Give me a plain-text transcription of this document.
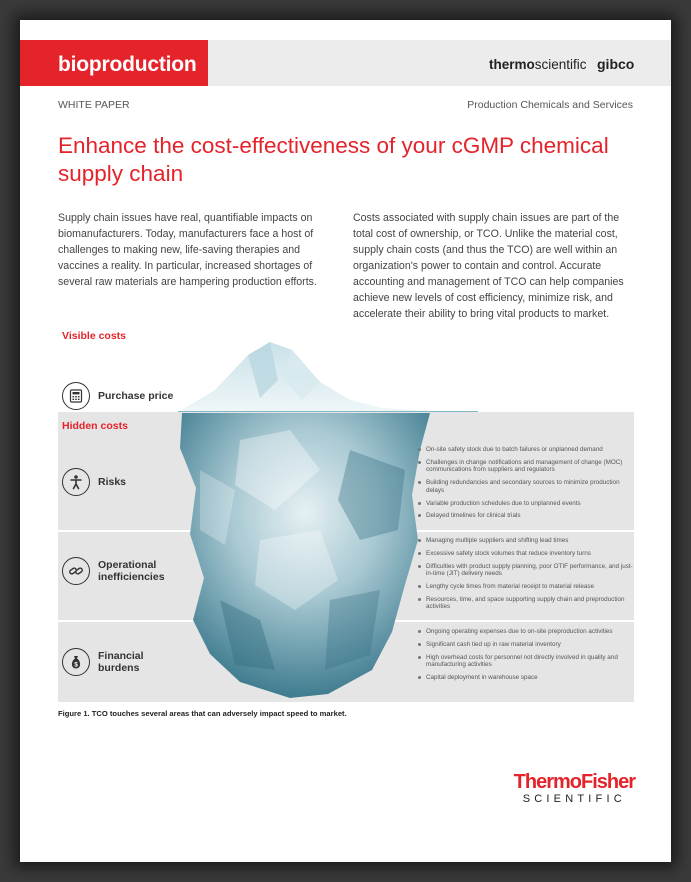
bioproduction	thermoscientific gibco
WHITE PAPER	Production Chemicals and Services
Enhance the cost-effectiveness of your cGMP chemical supply chain

Supply chain issues have real, quantifiable impacts on biomanufacturers. Today, manufacturers face a host of challenges to making new, life-saving therapies and vaccines a reality. In particular, increased shortages of several raw materials are hampering production efforts.

Costs associated with supply chain issues are part of the total cost of ownership, or TCO. Unlike the material cost, supply chain costs (and thus the TCO) are well within an organization's power to contain and control. Accurate accounting and management of TCO can help companies achieve new levels of cost efficiency, minimize risk, and accelerate their ability to bring vital products to market.

Visible costs
Hidden costs
Purchase price
Risks
Operational
inefficiencies
$
Financial
burdens
On-site safety stock due to batch failures or unplanned demand
Challenges in change notifications and management of change (MOC) communications from suppliers and regulators
Building redundancies and secondary sources to minimize production delays
Variable production schedules due to unplanned events
Delayed timelines for clinical trials
Managing multiple suppliers and shifting lead times
Excessive safety stock volumes that reduce inventory turns
Difficulties with product supply planning, poor OTIF performance, and just-in-time (JIT) delivery needs
Lengthy cycle times from material receipt to material release
Resources, time, and space supporting supply chain and preproduction activities
Ongoing operating expenses due to on-site preproduction activities
Significant cash tied up in raw material inventory
High overhead costs for personnel not directly involved in quality and manufacturing activities
Capital deployment in warehouse space
Figure 1. TCO touches several areas that can adversely impact speed to market.
ThermoFisher
SCIENTIFIC
